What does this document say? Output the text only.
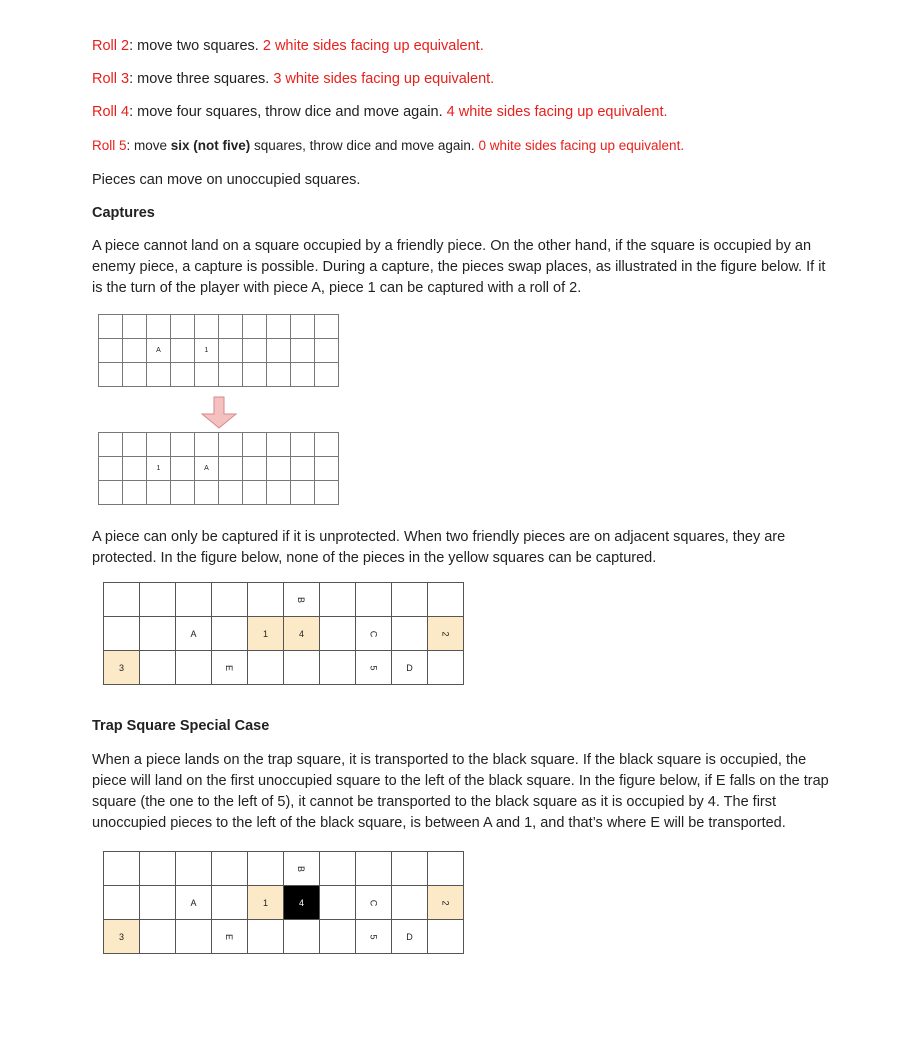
Roll 2: move two squares. 2 white sides facing up equivalent.
Roll 3: move three squares. 3 white sides facing up equivalent.
Roll 4: move four squares, throw dice and move again. 4 white sides facing up equivalent.
Roll 5: move six (not five) squares, throw dice and move again. 0 white sides facing up equivalent.
Pieces can move on unoccupied squares.
Captures
A piece cannot land on a square occupied by a friendly piece. On the other hand, if the square is occupied by an enemy piece, a capture is possible. During a capture, the pieces swap places, as illustrated in the figure below. If it is the turn of the player with piece A, piece 1 can be captured with a roll of 2.

		A		1					

		1		A					

A piece can only be captured if it is unprotected. When two friendly pieces are on adjacent squares, they are protected. In the figure below, none of the pieces in the yellow squares can be captured.
					B				
		A		1	4		C		2
3			E				5	D	
Trap Square Special Case
When a piece lands on the trap square, it is transported to the black square. If the black square is occupied, the piece will land on the first unoccupied square to the left of the black square. In the figure below, if E falls on the trap square (the one to the left of 5), it cannot be transported to the black square as it is occupied by 4. The first unoccupied pieces to the left of the black square, is between A and 1, and that’s where E will be transported.
					B				
		A		1	4		C		2
3			E				5	D	
